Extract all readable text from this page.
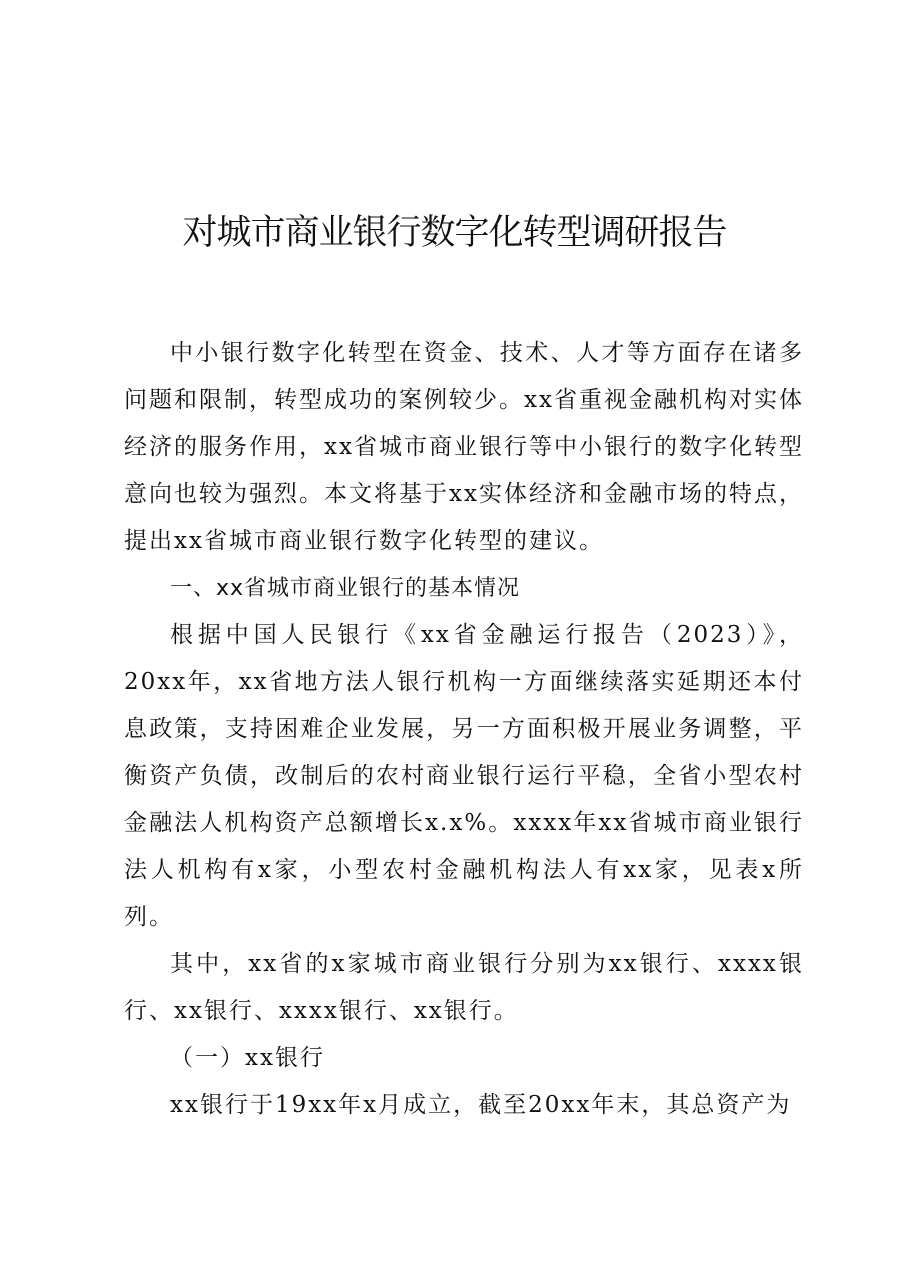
对城市商业银行数字化转型调研报告

中小银行数字化转型在资金、技术、人才等方面存在诸多问题和限制，转型成功的案例较少。xx省重视金融机构对实体经济的服务作用，xx省城市商业银行等中小银行的数字化转型意向也较为强烈。本文将基于xx实体经济和金融市场的特点，提出xx省城市商业银行数字化转型的建议。

一、xx省城市商业银行的基本情况

根据中国人民银行《xx省金融运行报告（2023）》，20xx年，xx省地方法人银行机构一方面继续落实延期还本付息政策，支持困难企业发展，另一方面积极开展业务调整，平衡资产负债，改制后的农村商业银行运行平稳，全省小型农村金融法人机构资产总额增长x.x%。xxxx年xx省城市商业银行法人机构有x家，小型农村金融机构法人有xx家，见表x所列。

其中，xx省的x家城市商业银行分别为xx银行、xxxx银行、xx银行、xxxx银行、xx银行。

（一）xx银行

xx银行于19xx年x月成立，截至20xx年末，其总资产为
